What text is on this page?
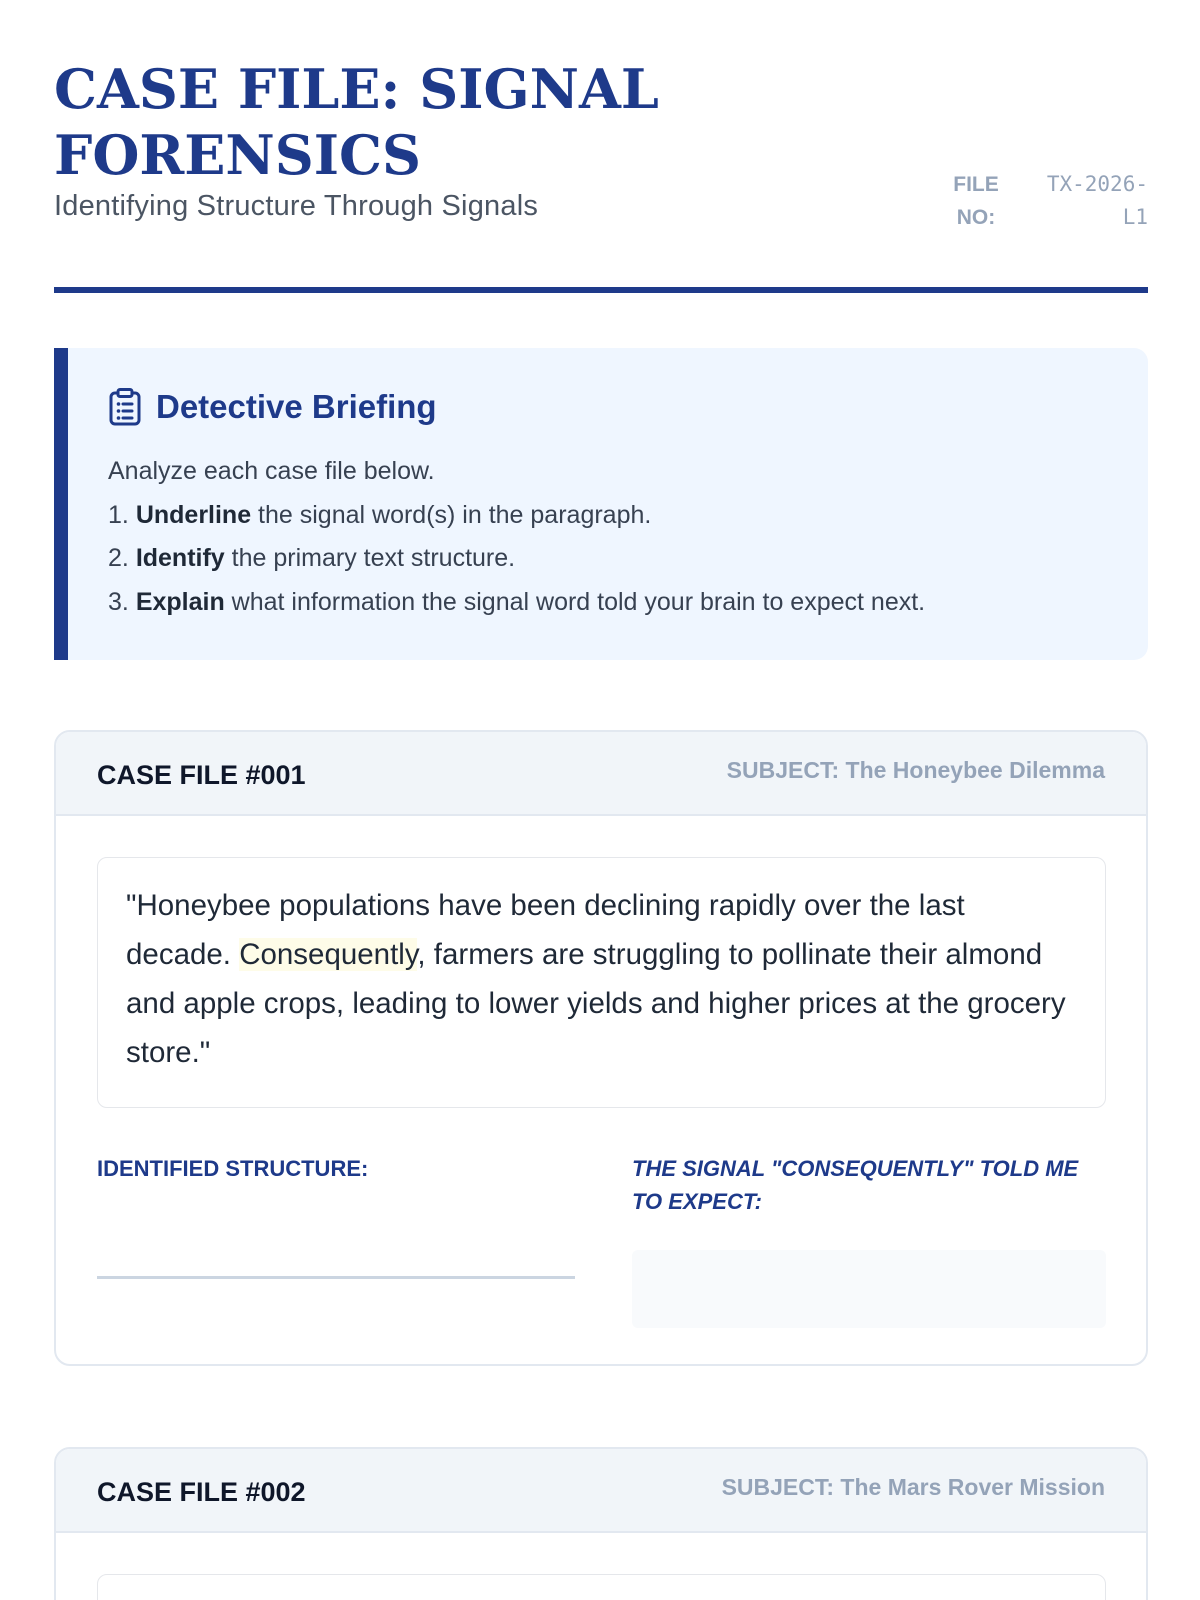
CASE FILE: SIGNAL FORENSICS
Identifying Structure Through Signals
FILE NO:
TX-2026-L1
Detective Briefing

Analyze each case file below.

1. Underline the signal word(s) in the paragraph.

2. Identify the primary text structure.

3. Explain what information the signal word told your brain to expect next.

CASE FILE #001	SUBJECT: The Honeybee Dilemma
"Honeybee populations have been declining rapidly over the last decade. Consequently, farmers are struggling to pollinate their almond and apple crops, leading to lower yields and higher prices at the grocery store."
IDENTIFIED STRUCTURE:	THE SIGNAL "CONSEQUENTLY" TOLD ME TO EXPECT:
CASE FILE #002	SUBJECT: The Mars Rover Mission
